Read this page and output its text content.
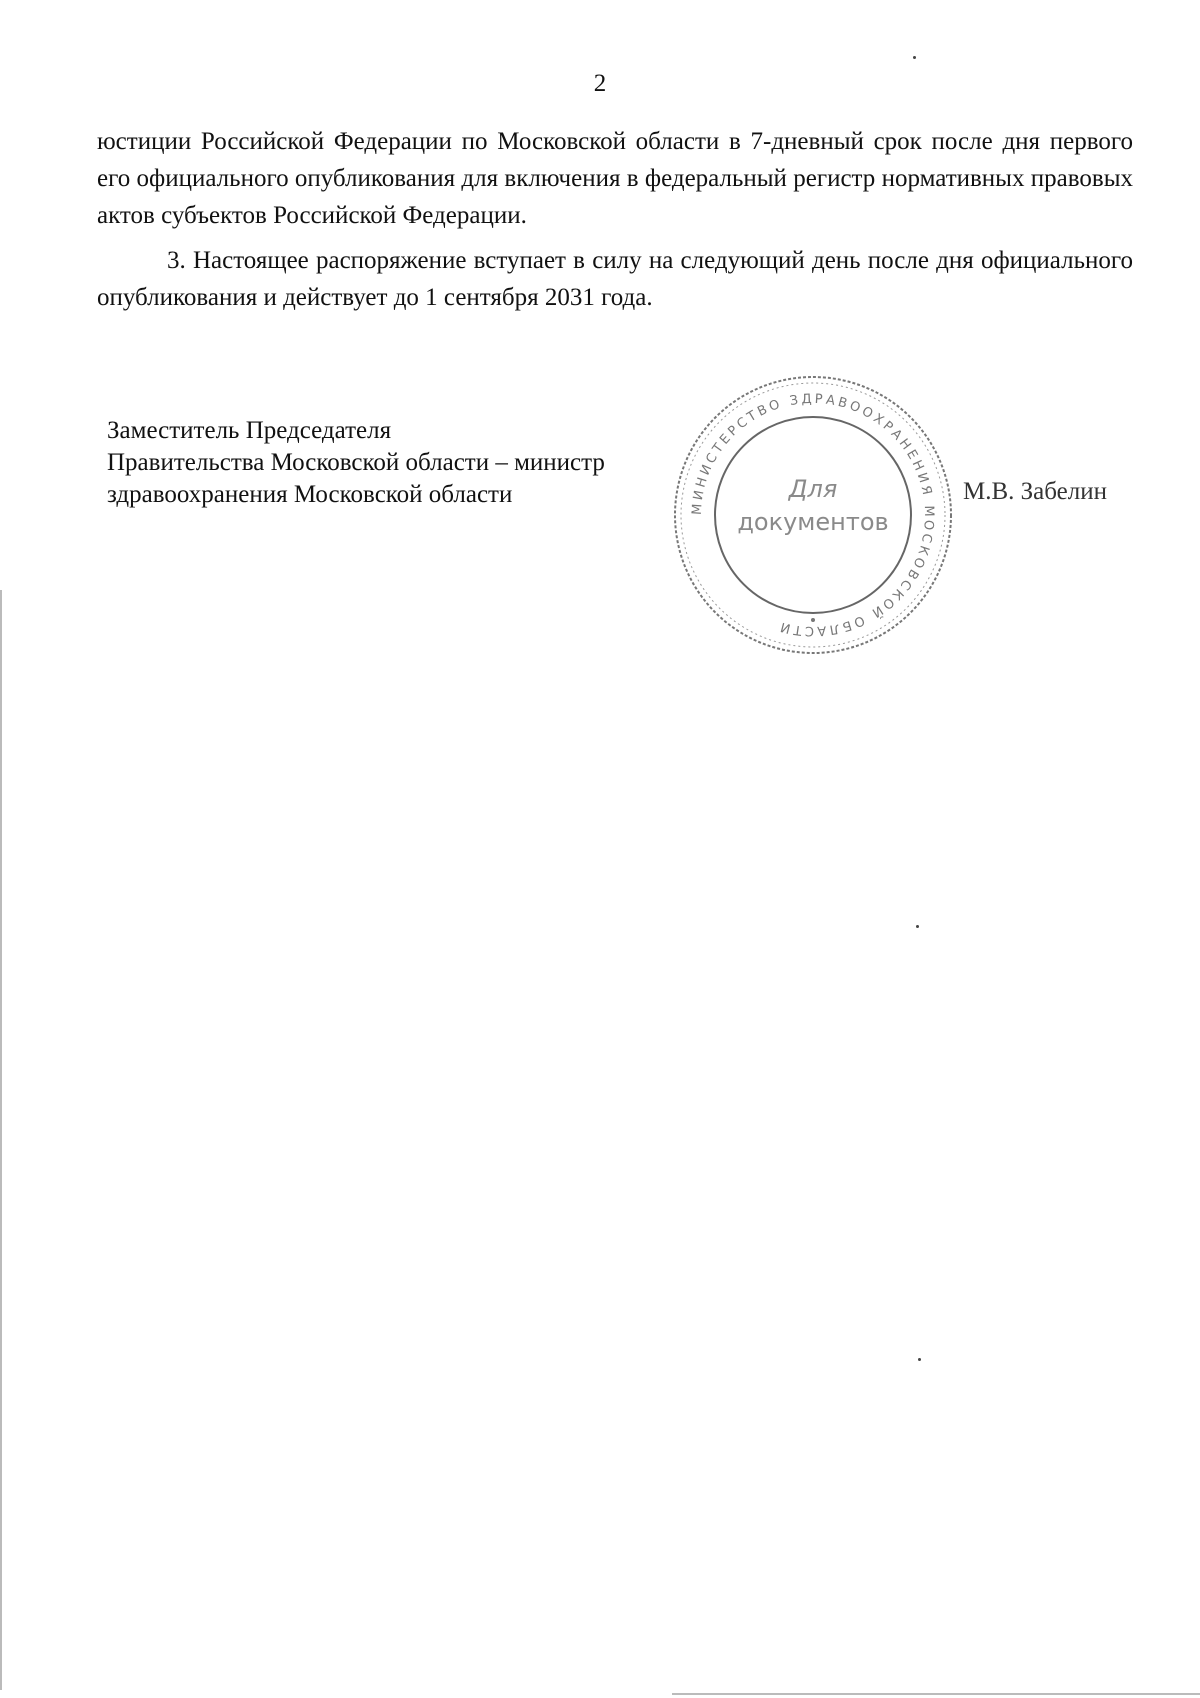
2

юстиции Российской Федерации по Московской области в 7-дневный срок после дня первого его официального опубликования для включения в федеральный регистр нормативных правовых актов субъектов Российской Федерации.

3. Настоящее распоряжение вступает в силу на следующий день после дня официального опубликования и действует до 1 сентября 2031 года.

Заместитель Председателя
Правительства Московской области – министр
здравоохранения Московской области	МИНИСТЕРСТВО ЗДРАВООХРАНЕНИЯ МОСКОВСКОЙ ОБЛАСТИ
Для
документов
М.В. Забелин
